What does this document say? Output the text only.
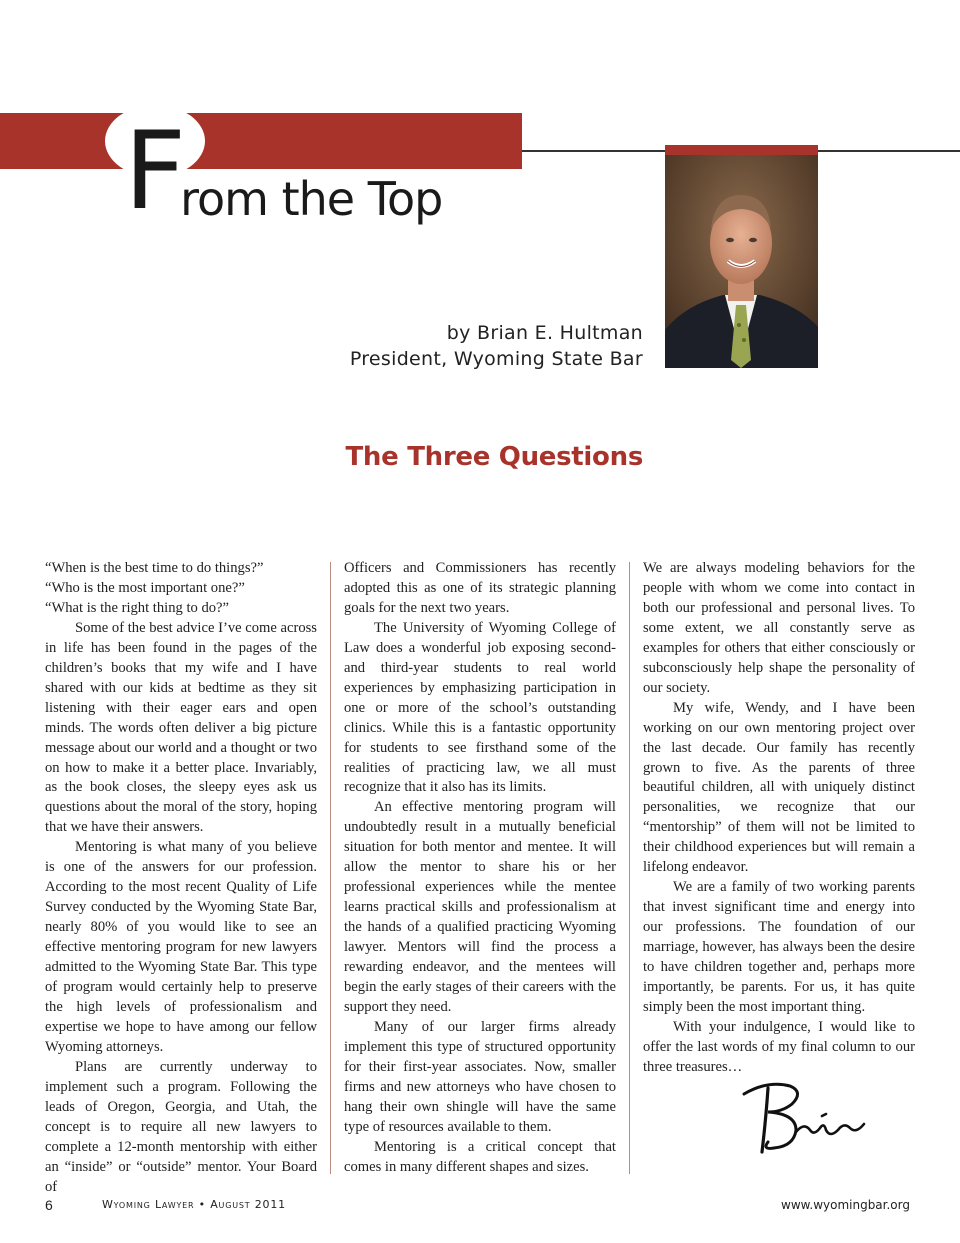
From the Top
by Brian E. Hultman
President, Wyoming State Bar
The Three Questions

“When is the best time to do things?”

“Who is the most important one?”

“What is the right thing to do?”

Some of the best advice I’ve come across in life has been found in the pages of the children’s books that my wife and I have shared with our kids at bedtime as they sit listening with their eager ears and open minds. The words often deliver a big picture message about our world and a thought or two on how to make it a better place. Invariably, as the book closes, the sleepy eyes ask us questions about the moral of the story, hoping that we have their answers.

Mentoring is what many of you believe is one of the answers for our profession. According to the most recent Quality of Life Survey conducted by the Wyoming State Bar, nearly 80% of you would like to see an effective mentoring program for new lawyers admitted to the Wyoming State Bar. This type of program would certainly help to preserve the high levels of professionalism and expertise we hope to have among our fellow Wyoming attorneys.

Plans are currently underway to implement such a program. Following the leads of Oregon, Georgia, and Utah, the concept is to require all new lawyers to complete a 12-month mentorship with either an “inside” or “outside” mentor. Your Board of

Officers and Commissioners has recently adopted this as one of its strategic planning goals for the next two years.

The University of Wyoming College of Law does a wonderful job exposing second- and third-year students to real world experiences by emphasizing participation in one or more of the school’s outstanding clinics. While this is a fantastic opportunity for students to see firsthand some of the realities of practicing law, we all must recognize that it also has its limits.

An effective mentoring program will undoubtedly result in a mutually beneficial situation for both mentor and mentee. It will allow the mentor to share his or her professional experiences while the mentee learns practical skills and professionalism at the hands of a qualified practicing Wyoming lawyer. Mentors will find the process a rewarding endeavor, and the mentees will begin the early stages of their careers with the support they need.

Many of our larger firms already implement this type of structured opportunity for their first-year associates. Now, smaller firms and new attorneys who have chosen to hang their own shingle will have the same type of resources available to them.

Mentoring is a critical concept that comes in many different shapes and sizes.

We are always modeling behaviors for the people with whom we come into contact in both our professional and personal lives. To some extent, we all constantly serve as examples for others that either consciously or subconsciously help shape the personality of our society.

My wife, Wendy, and I have been working on our own mentoring project over the last decade. Our family has recently grown to five. As the parents of three beautiful children, all with uniquely distinct personalities, we recognize that our “mentorship” of them will not be limited to their childhood experiences but will remain a lifelong endeavor.

We are a family of two working parents that invest significant time and energy into our professions. The foundation of our marriage, however, has always been the desire to have children together and, perhaps more importantly, be parents. For us, it has quite simply been the most important thing.

With your indulgence, I would like to offer the last words of my final column to our three treasures…

6	Wyoming Lawyer • August 2011	www.wyomingbar.org
